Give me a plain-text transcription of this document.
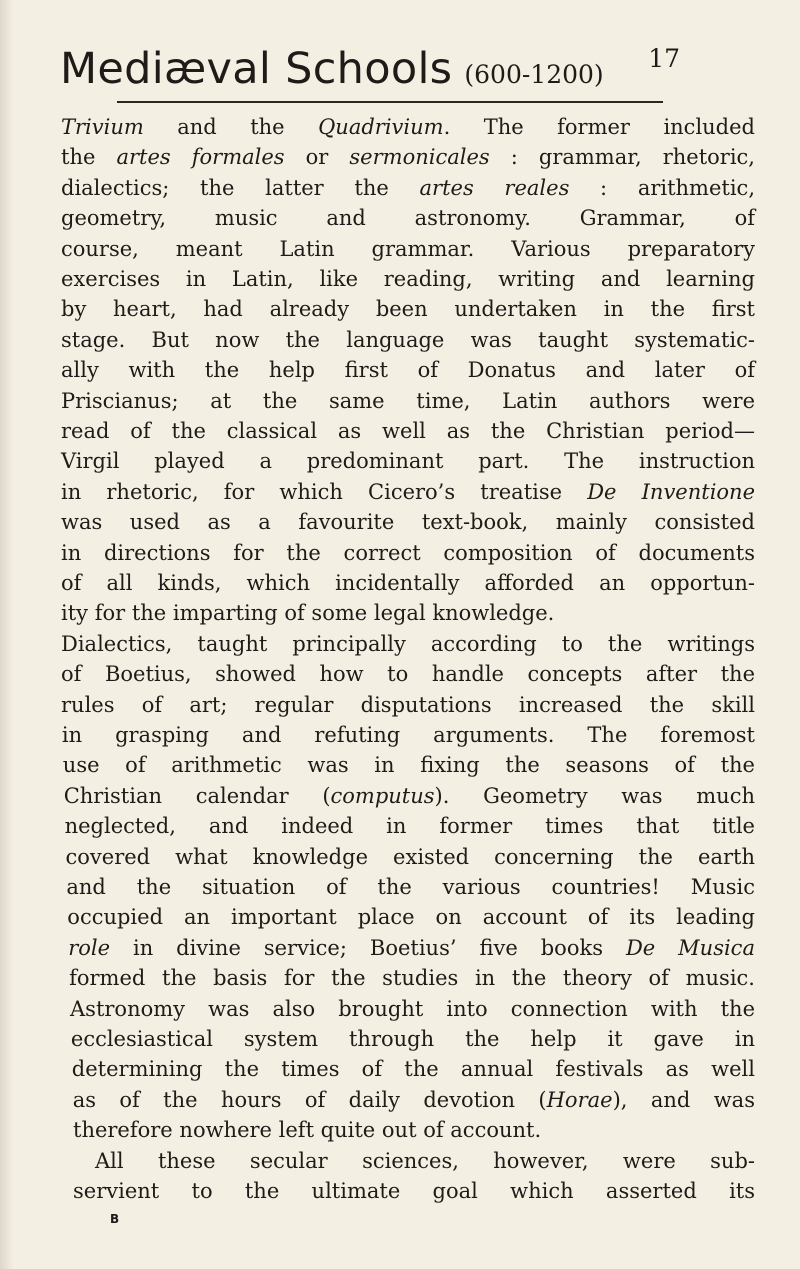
Mediæval Schools (600-1200)
17
Trivium and the Quadrivium. The former included
the artes formales or sermonicales : grammar, rhetoric,
dialectics; the latter the artes reales : arithmetic,
geometry, music and astronomy. Grammar, of
course, meant Latin grammar. Various preparatory
exercises in Latin, like reading, writing and learning
by heart, had already been undertaken in the first
stage. But now the language was taught systematic-
ally with the help first of Donatus and later of
Priscianus; at the same time, Latin authors were
read of the classical as well as the Christian period—
Virgil played a predominant part. The instruction
in rhetoric, for which Cicero’s treatise De Inventione
was used as a favourite text-book, mainly consisted
in directions for the correct composition of documents
of all kinds, which incidentally afforded an opportun-
ity for the imparting of some legal knowledge.
Dialectics, taught principally according to the writings
of Boetius, showed how to handle concepts after the
rules of art; regular disputations increased the skill
in grasping and refuting arguments. The foremost
use of arithmetic was in fixing the seasons of the
Christian calendar (computus). Geometry was much
neglected, and indeed in former times that title
covered what knowledge existed concerning the earth
and the situation of the various countries! Music
occupied an important place on account of its leading
role in divine service; Boetius’ five books De Musica
formed the basis for the studies in the theory of music.
Astronomy was also brought into connection with the
ecclesiastical system through the help it gave in
determining the times of the annual festivals as well
as of the hours of daily devotion (Horae), and was
therefore nowhere left quite out of account.
All these secular sciences, however, were sub-
servient to the ultimate goal which asserted its
B
